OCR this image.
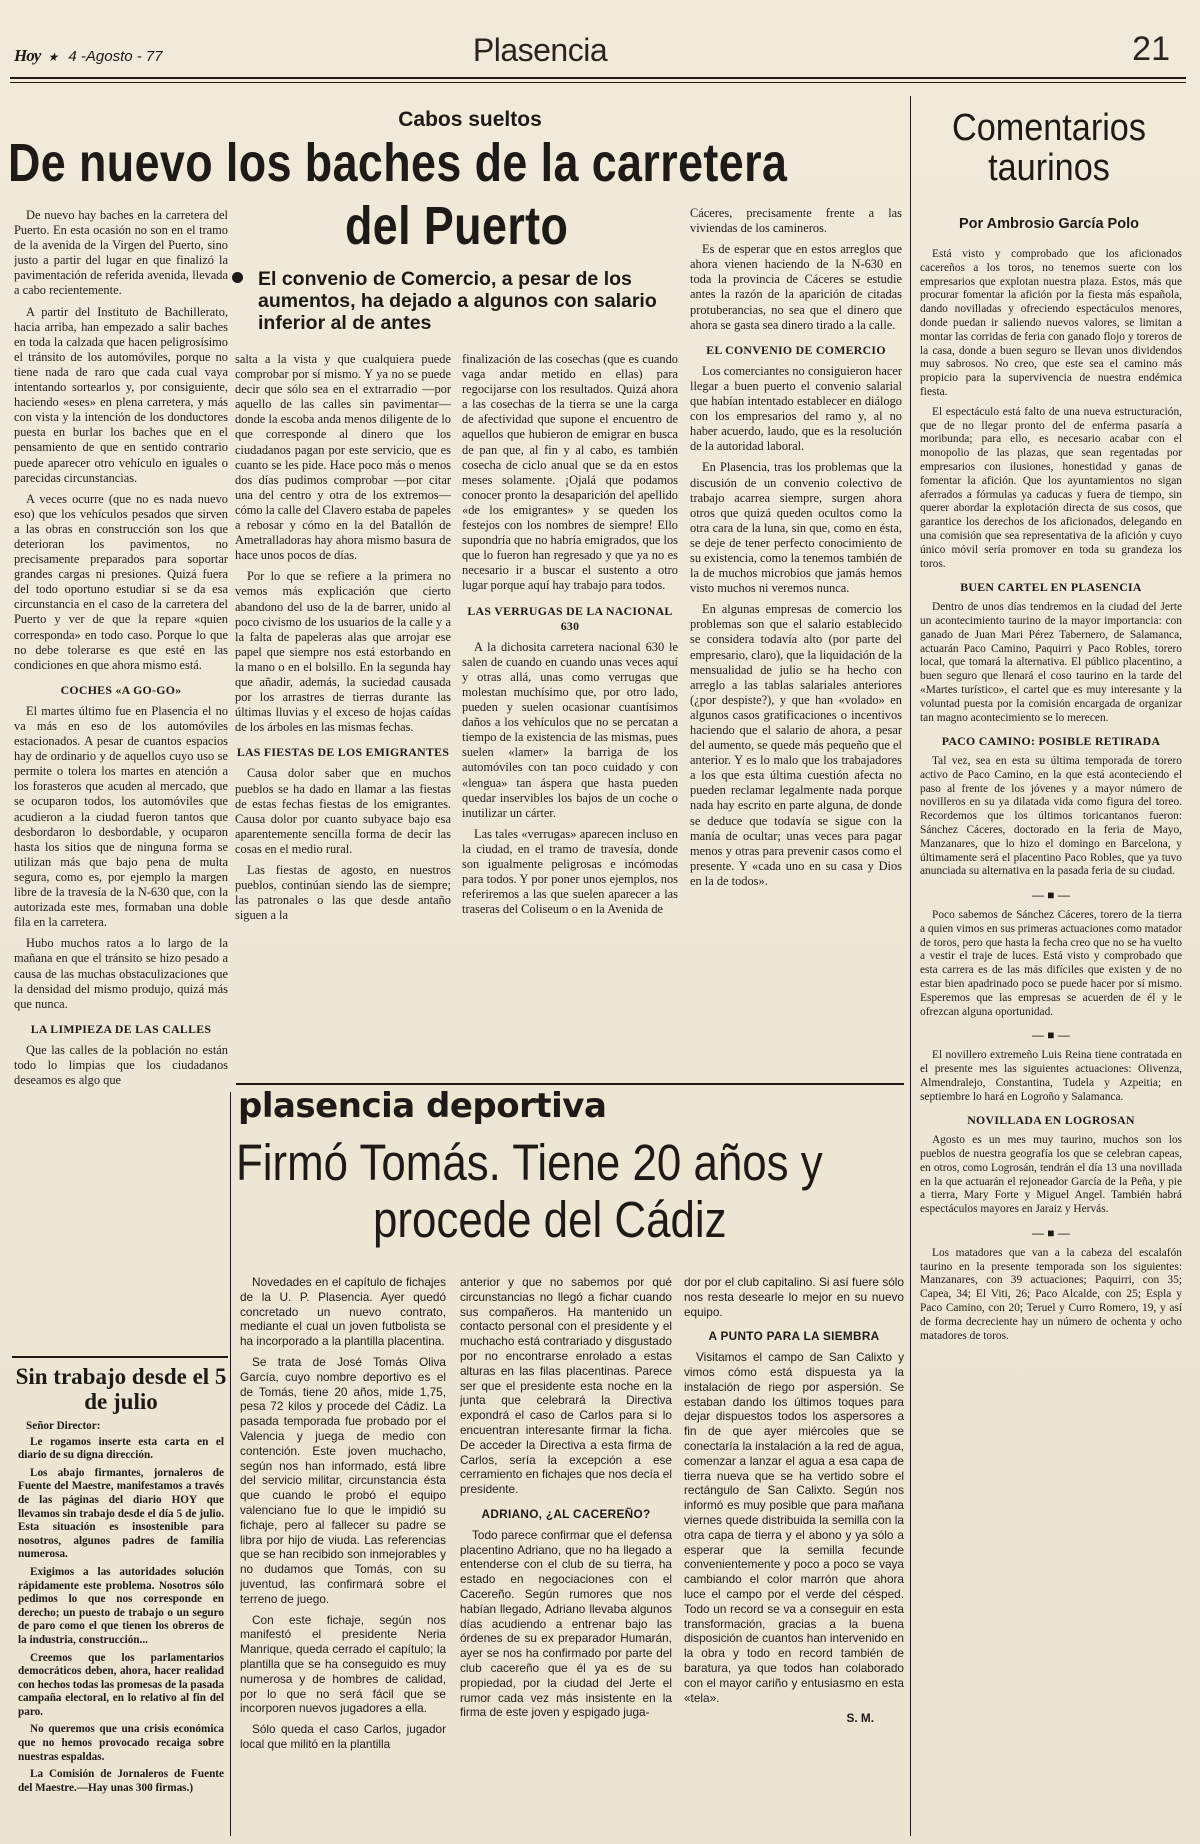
Hoy ★ 4 -Agosto - 77	Plasencia	21
Cabos sueltos
De nuevo los baches de la carretera
del Puerto
El convenio de Comercio, a pesar de los aumentos, ha dejado a algunos con salario inferior al de antes

De nuevo hay baches en la carretera del Puerto. En esta ocasión no son en el tramo de la avenida de la Virgen del Puerto, sino justo a partir del lugar en que finalizó la pavimentación de referida avenida, llevada a cabo recientemente.

A partir del Instituto de Bachillerato, hacia arriba, han empezado a salir baches en toda la calzada que hacen peligrosísimo el tránsito de los automóviles, porque no tiene nada de raro que cada cual vaya intentando sortearlos y, por consiguiente, haciendo «eses» en plena carretera, y más con vista y la intención de los donductores puesta en burlar los baches que en el pensamiento de que en sentido contrario puede aparecer otro vehículo en iguales o parecidas circunstancias.

A veces ocurre (que no es nada nuevo eso) que los vehículos pesados que sirven a las obras en construcción son los que deterioran los pavimentos, no precisamente preparados para soportar grandes cargas ni presiones. Quizá fuera del todo oportuno estudiar si se da esa circunstancia en el caso de la carretera del Puerto y ver de que la repare «quien corresponda» en todo caso. Porque lo que no debe tolerarse es que esté en las condiciones en que ahora mismo está.

COCHES «A GO-GO»

El martes último fue en Plasencia el no va más en eso de los automóviles estacionados. A pesar de cuantos espacios hay de ordinario y de aquellos cuyo uso se permite o tolera los martes en atención a los forasteros que acuden al mercado, que se ocuparon todos, los automóviles que acudieron a la ciudad fueron tantos que desbordaron lo desbordable, y ocuparon hasta los sitios que de ninguna forma se utilizan más que bajo pena de multa segura, como es, por ejemplo la margen libre de la travesía de la N-630 que, con la autorizada este mes, formaban una doble fila en la carretera.

Hubo muchos ratos a lo largo de la mañana en que el tránsito se hizo pesado a causa de las muchas obstaculizaciones que la densidad del mismo produjo, quizá más que nunca.

LA LIMPIEZA DE LAS CALLES

Que las calles de la población no están todo lo limpias que los ciudadanos deseamos es algo que

salta a la vista y que cualquiera puede comprobar por sí mismo. Y ya no se puede decir que sólo sea en el extrarradio —por aquello de las calles sin pavimentar— donde la escoba anda menos diligente de lo que corresponde al dinero que los ciudadanos pagan por este servicio, que es cuanto se les pide. Hace poco más o menos dos días pudimos comprobar —por citar una del centro y otra de los extremos— cómo la calle del Clavero estaba de papeles a rebosar y cómo en la del Batallón de Ametralladoras hay ahora mismo basura de hace unos pocos de días.

Por lo que se refiere a la primera no vemos más explicación que cierto abandono del uso de la de barrer, unido al poco civismo de los usuarios de la calle y a la falta de papeleras alas que arrojar ese papel que siempre nos está estorbando en la mano o en el bolsillo. En la segunda hay que añadir, además, la suciedad causada por los arrastres de tierras durante las últimas lluvias y el exceso de hojas caídas de los árboles en las mismas fechas.

LAS FIESTAS DE LOS EMIGRANTES

Causa dolor saber que en muchos pueblos se ha dado en llamar a las fiestas de estas fechas fiestas de los emigrantes. Causa dolor por cuanto subyace bajo esa aparentemente sencilla forma de decir las cosas en el medio rural.

Las fiestas de agosto, en nuestros pueblos, continúan siendo las de siempre; las patronales o las que desde antaño siguen a la

finalización de las cosechas (que es cuando vaga andar metido en ellas) para regocijarse con los resultados. Quizá ahora a las cosechas de la tierra se une la carga de afectividad que supone el encuentro de aquellos que hubieron de emigrar en busca de pan que, al fin y al cabo, es también cosecha de ciclo anual que se da en estos meses solamente. ¡Ojalá que podamos conocer pronto la desaparición del apellido «de los emigrantes» y se queden los festejos con los nombres de siempre! Ello supondría que no habría emigrados, que los que lo fueron han regresado y que ya no es necesario ir a buscar el sustento a otro lugar porque aquí hay trabajo para todos.

LAS VERRUGAS DE LA NACIONAL 630

A la dichosita carretera nacional 630 le salen de cuando en cuando unas veces aquí y otras allá, unas como verrugas que molestan muchísimo que, por otro lado, pueden y suelen ocasionar cuantísimos daños a los vehículos que no se percatan a tiempo de la existencia de las mismas, pues suelen «lamer» la barriga de los automóviles con tan poco cuidado y con «lengua» tan áspera que hasta pueden quedar inservibles los bajos de un coche o inutilizar un cárter.

Las tales «verrugas» aparecen incluso en la ciudad, en el tramo de travesía, donde son igualmente peligrosas e incómodas para todos. Y por poner unos ejemplos, nos referiremos a las que suelen aparecer a las traseras del Coliseum o en la Avenida de

Cáceres, precisamente frente a las viviendas de los camineros.

Es de esperar que en estos arreglos que ahora vienen haciendo de la N-630 en toda la provincia de Cáceres se estudie antes la razón de la aparición de citadas protuberancias, no sea que el dinero que ahora se gasta sea dinero tirado a la calle.

EL CONVENIO DE COMERCIO

Los comerciantes no consiguieron hacer llegar a buen puerto el convenio salarial que habían intentado establecer en diálogo con los empresarios del ramo y, al no haber acuerdo, laudo, que es la resolución de la autoridad laboral.

En Plasencia, tras los problemas que la discusión de un convenio colectivo de trabajo acarrea siempre, surgen ahora otros que quizá queden ocultos como la otra cara de la luna, sin que, como en ésta, se deje de tener perfecto conocimiento de su existencia, como la tenemos también de la de muchos microbios que jamás hemos visto muchos ni veremos nunca.

En algunas empresas de comercio los problemas son que el salario establecido se considera todavía alto (por parte del empresario, claro), que la liquidación de la mensualidad de julio se ha hecho con arreglo a las tablas salariales anteriores (¿por despiste?), y que han «volado» en algunos casos gratificaciones o incentivos haciendo que el salario de ahora, a pesar del aumento, se quede más pequeño que el anterior. Y es lo malo que los trabajadores a los que esta última cuestión afecta no pueden reclamar legalmente nada porque nada hay escrito en parte alguna, de donde se deduce que todavía se sigue con la manía de ocultar; unas veces para pagar menos y otras para prevenir casos como el presente. Y «cada uno en su casa y Dios en la de todos».

Sin trabajo desde el 5 de julio

Señor Director:

Le rogamos inserte esta carta en el diario de su digna dirección.

Los abajo firmantes, jornaleros de Fuente del Maestre, manifestamos a través de las páginas del diario HOY que llevamos sin trabajo desde el día 5 de julio. Esta situación es insostenible para nosotros, algunos padres de familia numerosa.

Exigimos a las autoridades solución rápidamente este problema. Nosotros sólo pedimos lo que nos corresponde en derecho; un puesto de trabajo o un seguro de paro como el que tienen los obreros de la industria, construcción...

Creemos que los parlamentarios democráticos deben, ahora, hacer realidad con hechos todas las promesas de la pasada campaña electoral, en lo relativo al fin del paro.

No queremos que una crisis económica que no hemos provocado recaiga sobre nuestras espaldas.

La Comisión de Jornaleros de Fuente del Maestre.—Hay unas 300 firmas.)

plasencia deportiva
Firmó Tomás. Tiene 20 años y
procede del Cádiz

Novedades en el capítulo de fichajes de la U. P. Plasencia. Ayer quedó concretado un nuevo contrato, mediante el cual un joven futbolista se ha incorporado a la plantilla placentina.

Se trata de José Tomás Oliva García, cuyo nombre deportivo es el de Tomás, tiene 20 años, mide 1,75, pesa 72 kilos y procede del Cádiz. La pasada temporada fue probado por el Valencia y juega de medio con contención. Este joven muchacho, según nos han informado, está libre del servicio militar, circunstancia ésta que cuando le probó el equipo valenciano fue lo que le impidió su fichaje, pero al fallecer su padre se libra por hijo de viuda. Las referencias que se han recibido son inmejorables y no dudamos que Tomás, con su juventud, las confirmará sobre el terreno de juego.

Con este fichaje, según nos manifestó el presidente Neria Manrique, queda cerrado el capítulo; la plantilla que se ha conseguido es muy numerosa y de hombres de calidad, por lo que no será fácil que se incorporen nuevos jugadores a ella.

Sólo queda el caso Carlos, jugador local que militó en la plantilla

anterior y que no sabemos por qué circunstancias no llegó a fichar cuando sus compañeros. Ha mantenido un contacto personal con el presidente y el muchacho está contrariado y disgustado por no encontrarse enrolado a estas alturas en las filas placentinas. Parece ser que el presidente esta noche en la junta que celebrará la Directiva expondrá el caso de Carlos para si lo encuentran interesante firmar la ficha. De acceder la Directiva a esta firma de Carlos, sería la excepción a ese cerramiento en fichajes que nos decía el presidente.

ADRIANO, ¿AL CACEREÑO?

Todo parece confirmar que el defensa placentino Adriano, que no ha llegado a entenderse con el club de su tierra, ha estado en negociaciones con el Cacereño. Según rumores que nos habían llegado, Adriano llevaba algunos días acudiendo a entrenar bajo las órdenes de su ex preparador Humarán, ayer se nos ha confirmado por parte del club cacereño que él ya es de su propiedad, por la ciudad del Jerte el rumor cada vez más insistente en la firma de este joven y espigado juga-

dor por el club capitalino. Si así fuere sólo nos resta desearle lo mejor en su nuevo equipo.

A PUNTO PARA LA SIEMBRA

Visitamos el campo de San Calixto y vimos cómo está dispuesta ya la instalación de riego por aspersión. Se estaban dando los últimos toques para dejar dispuestos todos los aspersores a fin de que ayer miércoles que se conectaría la instalación a la red de agua, comenzar a lanzar el agua a esa capa de tierra nueva que se ha vertido sobre el rectángulo de San Calixto. Según nos informó es muy posible que para mañana viernes quede distribuida la semilla con la otra capa de tierra y el abono y ya sólo a esperar que la semilla fecunde convenientemente y poco a poco se vaya cambiando el color marrón que ahora luce el campo por el verde del césped. Todo un record se va a conseguir en esta transformación, gracias a la buena disposición de cuantos han intervenido en la obra y todo en record también de baratura, ya que todos han colaborado con el mayor cariño y entusiasmo en esta «tela».

S. M.

Comentarios taurinos
Por Ambrosio García Polo

Está visto y comprobado que los aficionados cacereños a los toros, no tenemos suerte con los empresarios que explotan nuestra plaza. Estos, más que procurar fomentar la afición por la fiesta más española, dando novilladas y ofreciendo espectáculos menores, donde puedan ir saliendo nuevos valores, se limitan a montar las corridas de feria con ganado flojo y toreros de la casa, donde a buen seguro se llevan unos dividendos muy sabrosos. No creo, que este sea el camino más propicio para la supervivencia de nuestra endémica fiesta.

El espectáculo está falto de una nueva estructuración, que de no llegar pronto del de enferma pasaría a moribunda; para ello, es necesario acabar con el monopolio de las plazas, que sean regentadas por empresarios con ilusiones, honestidad y ganas de fomentar la afición. Que los ayuntamientos no sigan aferrados a fórmulas ya caducas y fuera de tiempo, sin querer abordar la explotación directa de sus cosos, que garantice los derechos de los aficionados, delegando en una comisión que sea representativa de la afición y cuyo único móvil sería promover en toda su grandeza los toros.

BUEN CARTEL EN PLASENCIA

Dentro de unos días tendremos en la ciudad del Jerte un acontecimiento taurino de la mayor importancia: con ganado de Juan Mari Pérez Tabernero, de Salamanca, actuarán Paco Camino, Paquirri y Paco Robles, torero local, que tomará la alternativa. El público placentino, a buen seguro que llenará el coso taurino en la tarde del «Martes turístico», el cartel que es muy interesante y la voluntad puesta por la comisión encargada de organizar tan magno acontecimiento se lo merecen.

PACO CAMINO: POSIBLE RETIRADA

Tal vez, sea en esta su última temporada de torero activo de Paco Camino, en la que está aconteciendo el paso al frente de los jóvenes y a mayor número de novilleros en su ya dilatada vida como figura del toreo. Recordemos que los últimos toricantanos fueron: Sánchez Cáceres, doctorado en la feria de Mayo, Manzanares, que lo hizo el domingo en Barcelona, y últimamente será el placentino Paco Robles, que ya tuvo anunciada su alternativa en la pasada feria de su ciudad.

— ■ —

Poco sabemos de Sánchez Cáceres, torero de la tierra a quien vimos en sus primeras actuaciones como matador de toros, pero que hasta la fecha creo que no se ha vuelto a vestir el traje de luces. Está visto y comprobado que esta carrera es de las más difíciles que existen y de no estar bien apadrinado poco se puede hacer por sí mismo. Esperemos que las empresas se acuerden de él y le ofrezcan alguna oportunidad.

— ■ —

El novillero extremeño Luis Reina tiene contratada en el presente mes las siguientes actuaciones: Olivenza, Almendralejo, Constantina, Tudela y Azpeitia; en septiembre lo hará en Logroño y Salamanca.

NOVILLADA EN LOGROSAN

Agosto es un mes muy taurino, muchos son los pueblos de nuestra geografía los que se celebran capeas, en otros, como Logrosán, tendrán el día 13 una novillada en la que actuarán el rejoneador García de la Peña, y pie a tierra, Mary Forte y Miguel Angel. También habrá espectáculos mayores en Jaraiz y Hervás.

— ■ —

Los matadores que van a la cabeza del escalafón taurino en la presente temporada son los siguientes: Manzanares, con 39 actuaciones; Paquirri, con 35; Capea, 34; El Viti, 26; Paco Alcalde, con 25; Espla y Paco Camino, con 20; Teruel y Curro Romero, 19, y así de forma decreciente hay un número de ochenta y ocho matadores de toros.
